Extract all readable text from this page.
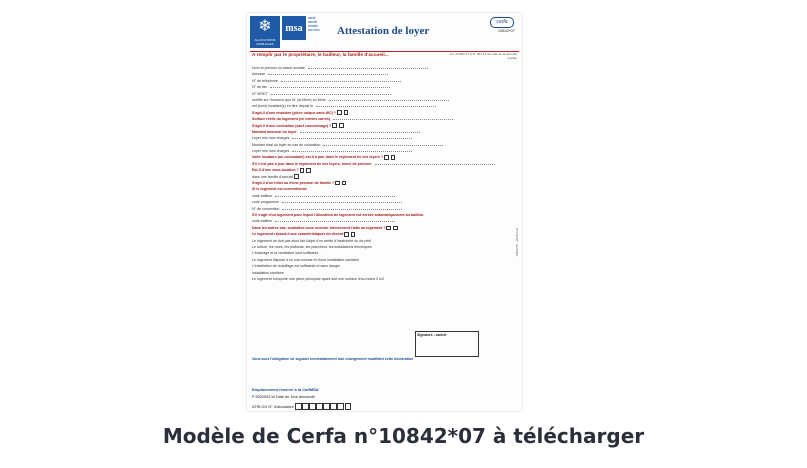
❄
ALLOCATIONS FAMILIALES
msa
santé
famille
retraite
services	Attestation de loyer
cerfa
10842*07
A remplir par le propriétaire, le bailleur, la famille d'accueil...	Art. 20-582-17 et R. 831-13 du code de la Sécurité sociale
Nom et prénom ou raison sociale
Adresse
N° de téléphone
N° de fax
N° SIRET
certifie sur l'honneur que M. (et Mme) ou Mme
est (sont) locataire(s) en titre depuis le
S'agit-il d'une chambre (pièce unique sans WC) ?
Surface réelle du logement (en mètres carrés)
S'agit-il d'une colocation (sauf concubinage) ?
Montant mensuel du loyer
Loyer mis hors charges
Montant total du loyer en cas de colocation
Loyer mis hors charges
Votre locataire (ou colocataire) est-il à jour dans le règlement de ses loyers ?
S'il n'est pas à jour dans le règlement de ses loyers, merci de préciser
Est-il d'une sous-location ?
dans une famille d'accueil
S'agit-il d'un hôtel ou d'une pension de famille ?
Si le logement est conventionné
code bailleur
code programme
N° de convention
S'il s'agit d'un logement pour lequel l'allocation de logement est versée automatiquement au bailleur
code bailleur
Dans les autres cas, souhaitez-vous recevoir directement l'aide au logement ?
Le logement répond-il aux caractéristiques du décent
Le logement ne doit pas avoir fait l'objet d'un arrêté d'insalubrité ou de péril
Le toiture, les murs, les plafonds, les planchers, les installations électriques
L'éclairage et la ventilation sont suffisants
Le logement dispose d'un coin cuisine et d'une installation sanitaire
L'installation de chauffage est suffisante et sans danger
Installation sanitaire
Le logement comporte une pièce principale ayant soit une surface d'au moins 9 m2
Signature - cachet
10842*07 - 2010 Avril
Vous avez l'obligation de signaler immédiatement tout changement modifiant cette déclaration
Emplacement réservé à la Caf/MSA
P 5002503 W Date de 1ère demande
ATRLOG N° d'allocataire
Modèle de Cerfa n°10842*07 à télécharger
